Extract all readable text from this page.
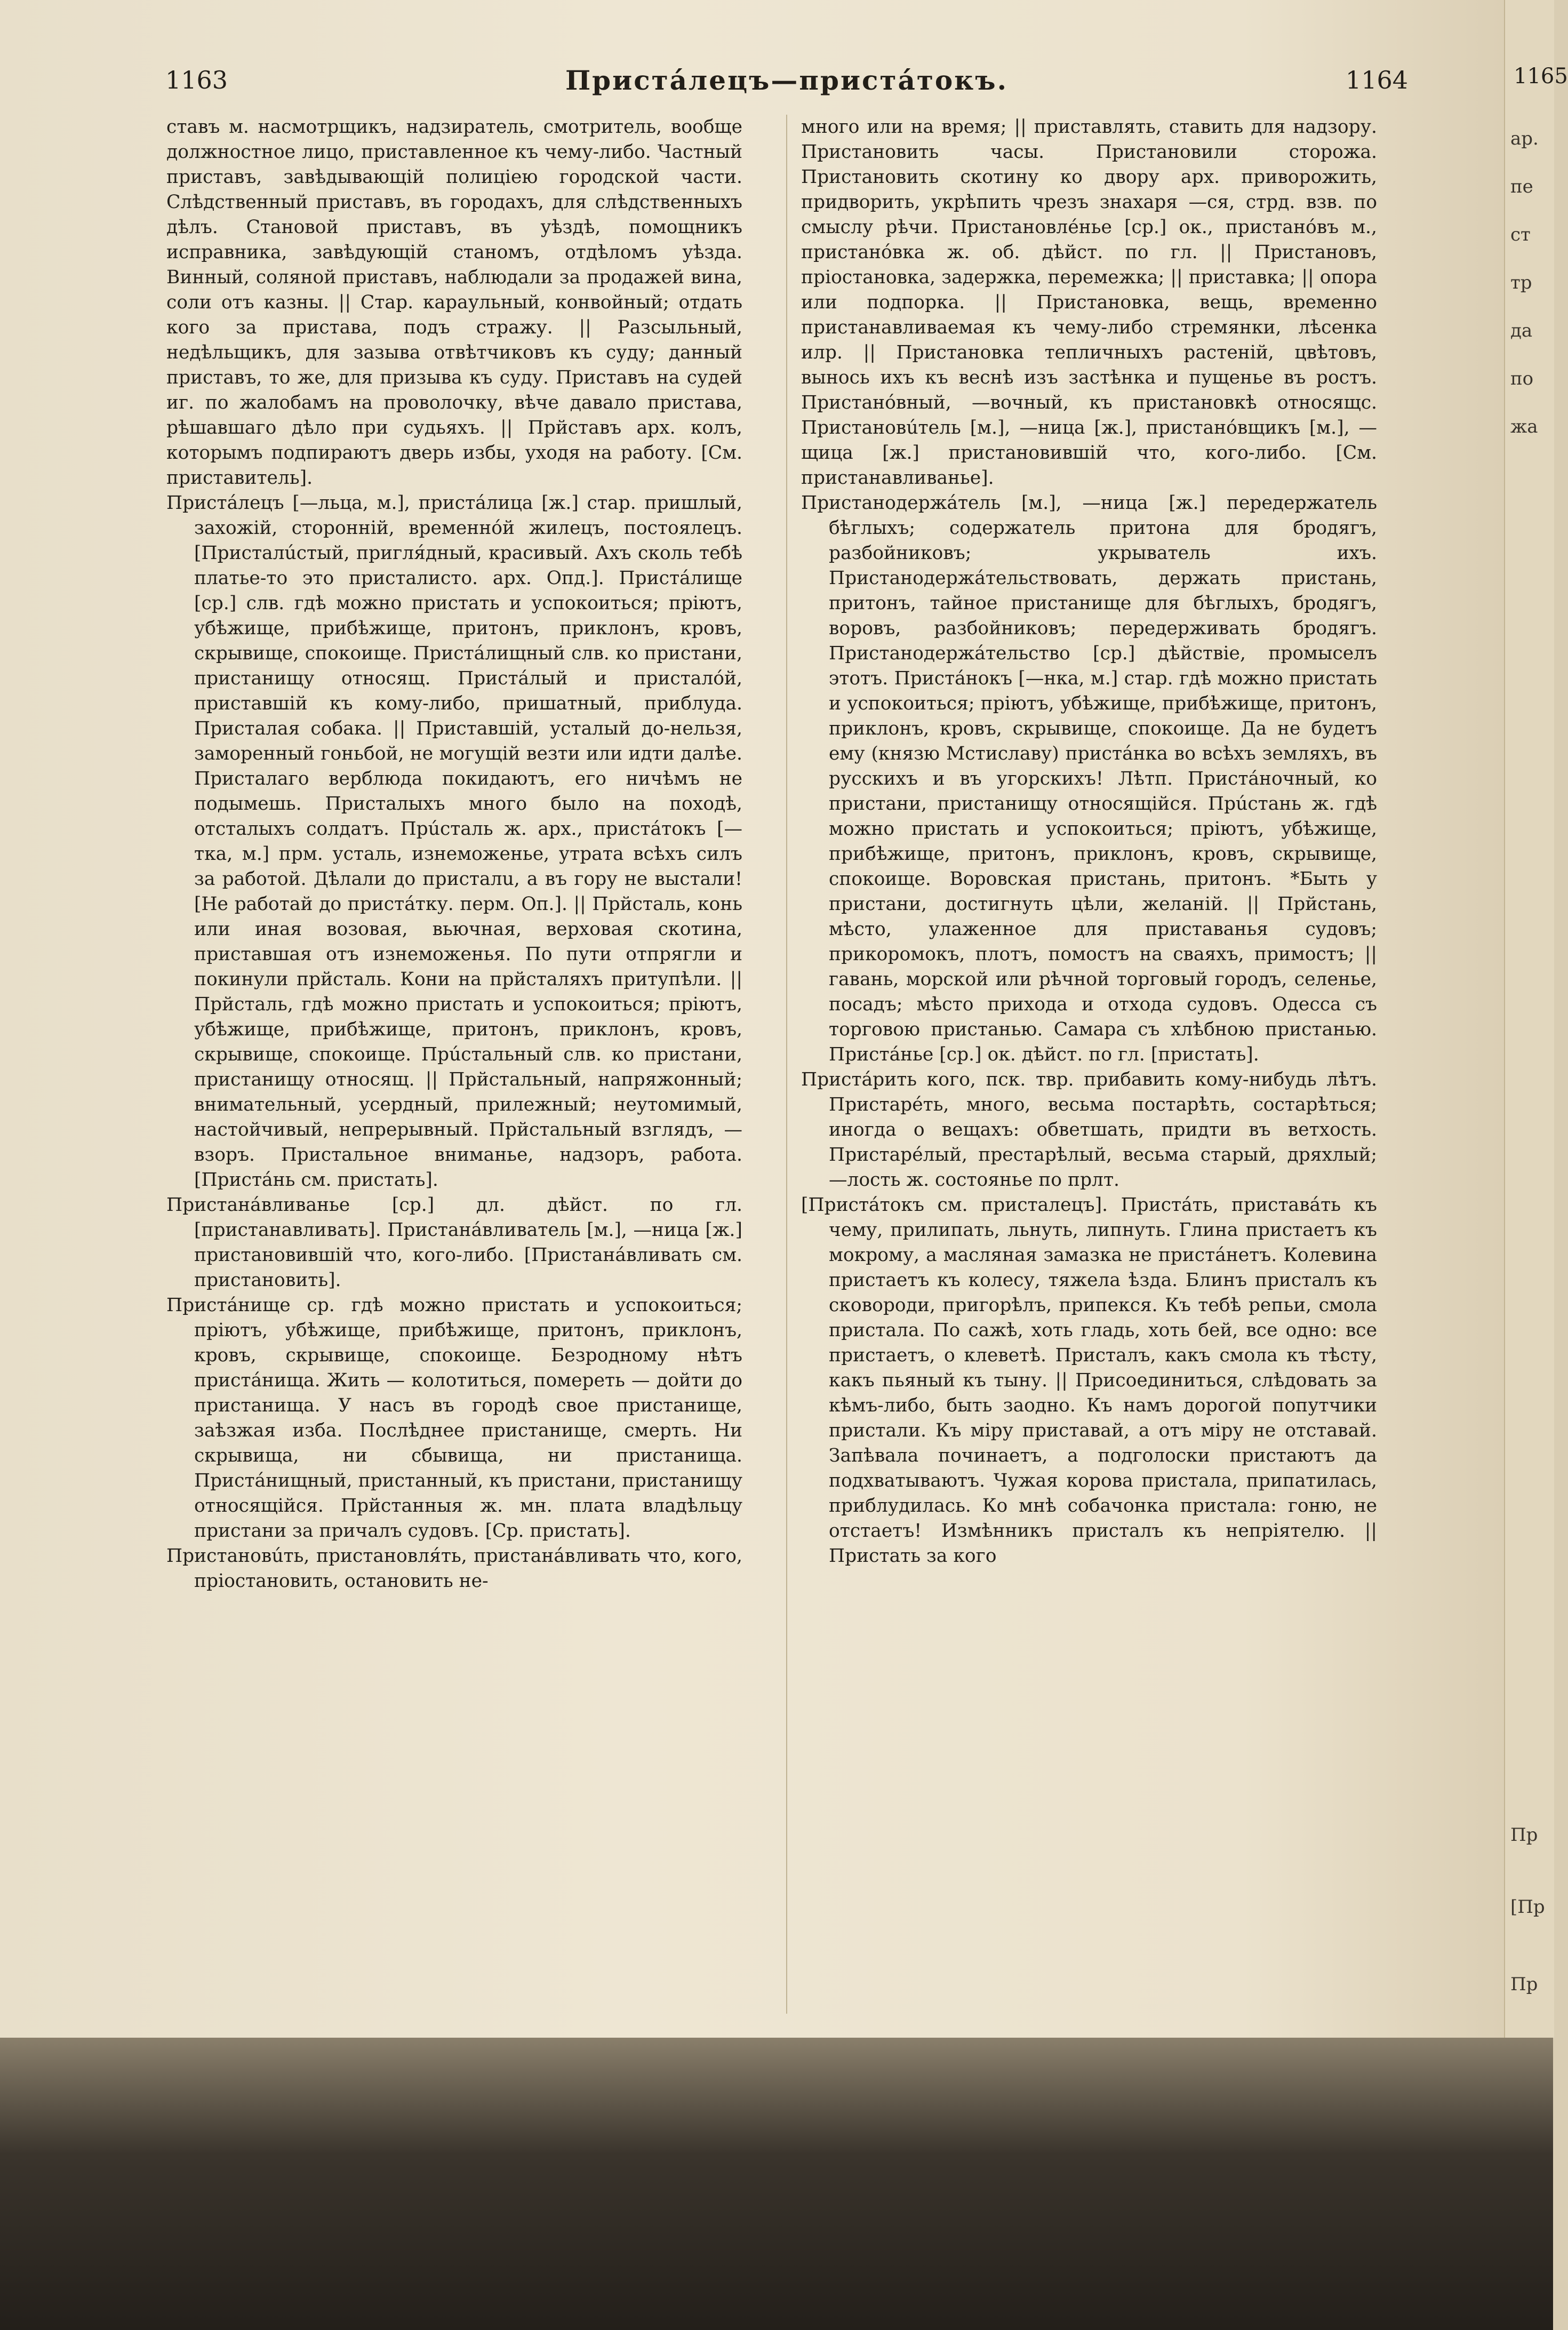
1165
1163	Пристáлецъ—пристáтокъ.	1164

ставъ м. насмотрщикъ, надзиратель, смотритель, вообще должностное лицо, приставленное къ чему-либо. Частный приставъ, завѣдывающій полиціею городской части. Слѣдственный приставъ, въ городахъ, для слѣдственныхъ дѣлъ. Становой приставъ, въ уѣздѣ, помощникъ исправника, завѣдующій станомъ, отдѣломъ уѣзда. Винный, соляной приставъ, наблюдали за продажей вина, соли отъ казны. || Стар. караульный, конвойный; отдать кого за пристава, подъ стражу. || Разсыльный, недѣльщикъ, для зазыва отвѣтчиковъ къ суду; данный приставъ, то же, для призыва къ суду. Приставъ на судей иг. по жалобамъ на проволочку, вѣче давало пристава, рѣшавшаго дѣло при судьяхъ. || Прйставъ арх. колъ, которымъ подпираютъ дверь избы, уходя на работу. [См. приставитель].

Пристáлецъ [—льца, м.], пристáлица [ж.] стар. пришлый, захожій, сторонній, временнóй жилецъ, постоялецъ. [Присталúстый, пригля́дный, красивый. Ахъ сколь тебѣ платье-то это присталисто. арх. Опд.]. Пристáлище [ср.] слв. гдѣ можно пристать и успокоиться; пріютъ, убѣжище, прибѣжище, притонъ, приклонъ, кровъ, скрывище, спокоище. Пристáлищный слв. ко пристани, пристанищу относящ. Пристáлый и присталóй, приставшій къ кому-либо, пришатный, приблуда. Присталая собака. || Приставшій, усталый до-нельзя, заморенный гоньбой, не могущій везти или идти далѣе. Присталаго верблюда покидаютъ, его ничѣмъ не подымешь. Присталыхъ много было на походѣ, отсталыхъ солдатъ. Прúсталь ж. арх., пристáтокъ [—тка, м.] прм. усталь, изнеможенье, утрата всѣхъ силъ за работой. Дѣлали до присталu, а въ гору не выстали! [Не работай до пристáтку. перм. Оп.]. || Прйсталь, конь или иная возовая, вьючная, верховая скотина, приставшая отъ изнеможенья. По пути отпрягли и покинули прйсталь. Кони на прйсталяхъ притупѣли. || Прйсталь, гдѣ можно пристать и успокоиться; пріютъ, убѣжище, прибѣжище, притонъ, приклонъ, кровъ, скрывище, спокоище. Прúстальный слв. ко пристани, пристанищу относящ. || Прйстальный, напряжонный; внимательный, усердный, прилежный; неутомимый, настойчивый, непрерывный. Прйстальный взглядъ, —взоръ. Пристальное вниманье, надзоръ, работа. [Пристáнь см. пристать].

Пристанáвливанье [ср.] дл. дѣйст. по гл. [пристанавливать]. Пристанáвливатель [м.], —ница [ж.] пристановившій что, кого-либо. [Пристанáвливать см. пристановить].

Пристáнище ср. гдѣ можно пристать и успокоиться; пріютъ, убѣжище, прибѣжище, притонъ, приклонъ, кровъ, скрывище, спокоище. Безродному нѣтъ пристáнища. Жить — колотиться, помереть — дойти до пристанища. У насъ въ городѣ свое пристанище, заѣзжая изба. Послѣднее пристанище, смерть. Ни скрывища, ни сбывища, ни пристанища. Пристáнищный, пристанный, къ пристани, пристанищу относящійся. Прйстанныя ж. мн. плата владѣльцу пристани за причалъ судовъ. [Ср. пристать].

Пристановúть, пристановля́ть, пристанáвливать что, кого, пріостановить, остановить не-

много или на время; || приставлять, ставить для надзору. Пристановить часы. Пристановили сторожа. Пристановить скотину ко двору арх. приворожить, придворить, укрѣпить чрезъ знахаря —ся, стрд. взв. по смыслу рѣчи. Пристановлéнье [ср.] ок., пристанóвъ м., пристанóвка ж. об. дѣйст. по гл. || Пристановъ, пріостановка, задержка, перемежка; || приставка; || опора или подпорка. || Пристановка, вещь, временно пристанавливаемая къ чему-либо стремянки, лѣсенка илр. || Пристановка тепличныхъ растеній, цвѣтовъ, вынось ихъ къ веснѣ изъ застѣнка и пущенье въ ростъ. Пристанóвный, —вочный, къ пристановкѣ относящс. Пристановúтель [м.], —ница [ж.], пристанóвщикъ [м.], —щица [ж.] пристановившій что, кого-либо. [См. пристанавливанье].

Пристанодержáтель [м.], —ница [ж.] передержатель бѣглыхъ; содержатель притона для бродягъ, разбойниковъ; укрыватель ихъ. Пристанодержáтельствовать, держать пристань, притонъ, тайное пристанище для бѣглыхъ, бродягъ, воровъ, разбойниковъ; передерживать бродягъ. Пристанодержáтельство [ср.] дѣйствіе, промыселъ этотъ. Пристáнокъ [—нка, м.] стар. гдѣ можно пристать и успокоиться; пріютъ, убѣжище, прибѣжище, притонъ, приклонъ, кровъ, скрывище, спокоище. Да не будетъ ему (князю Мстиславу) пристáнка во всѣхъ земляхъ, въ русскихъ и въ угорскихъ! Лѣтп. Пристáночный, ко пристани, пристанищу относящійся. Прúстань ж. гдѣ можно пристать и успокоиться; пріютъ, убѣжище, прибѣжище, притонъ, приклонъ, кровъ, скрывище, спокоище. Воровская пристань, притонъ. *Быть у пристани, достигнуть цѣли, желаній. || Прйстань, мѣсто, улаженное для приставанья судовъ; прикоромокъ, плотъ, помостъ на сваяхъ, примостъ; || гавань, морской или рѣчной торговый городъ, селенье, посадъ; мѣсто прихода и отхода судовъ. Одесса съ торговою пристанью. Самара съ хлѣбною пристанью. Пристáнье [ср.] ок. дѣйст. по гл. [пристать].

Пристáрить кого, пск. твр. прибавить кому-нибудь лѣтъ. Пристарéть, много, весьма постарѣть, состарѣться; иногда о вещахъ: обветшать, придти въ ветхость. Пристарéлый, престарѣлый, весьма старый, дряхлый; —лость ж. состоянье по прлт.

[Пристáтокъ см. присталецъ]. Пристáть, приставáть къ чему, прилипать, льнуть, липнуть. Глина пристаетъ къ мокрому, а масляная замазка не пристáнетъ. Колевина пристаетъ къ колесу, тяжела ѣзда. Блинъ присталъ къ сковороди, пригорѣлъ, припекся. Къ тебѣ репьи, смола пристала. По сажѣ, хоть гладь, хоть бей, все одно: все пристаетъ, о клеветѣ. Присталъ, какъ смола къ тѣсту, какъ пьяный къ тыну. || Присоединиться, слѣдовать за кѣмъ-либо, быть заодно. Къ намъ дорогой попутчики пристали. Къ міру приставай, а отъ міру не отставай. Запѣвала починаетъ, а подголоски пристаютъ да подхватываютъ. Чужая корова пристала, припатилась, приблудилась. Ко мнѣ собачонка пристала: гоню, не отстаетъ! Измѣнникъ присталъ къ непріятелю. || Пристать за кого

ар.
пе
ст
тр
да
по
жа
Пр
[Пр
Пр
